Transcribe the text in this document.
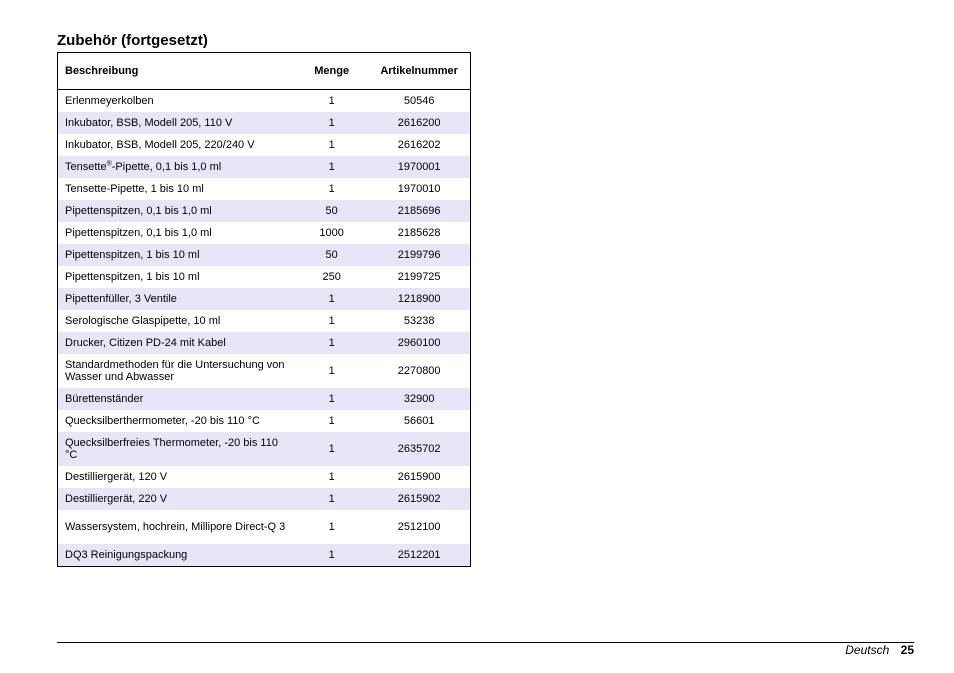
Zubehör (fortgesetzt)
Beschreibung	Menge	Artikelnummer
Erlenmeyerkolben	1	50546
Inkubator, BSB, Modell 205, 110 V	1	2616200
Inkubator, BSB, Modell 205, 220/240 V	1	2616202
Tensette®-Pipette, 0,1 bis 1,0 ml	1	1970001
Tensette-Pipette, 1 bis 10 ml	1	1970010
Pipettenspitzen, 0,1 bis 1,0 ml	50	2185696
Pipettenspitzen, 0,1 bis 1,0 ml	1000	2185628
Pipettenspitzen, 1 bis 10 ml	50	2199796
Pipettenspitzen, 1 bis 10 ml	250	2199725
Pipettenfüller, 3 Ventile	1	1218900
Serologische Glaspipette, 10 ml	1	53238
Drucker, Citizen PD-24 mit Kabel	1	2960100
Standardmethoden für die Untersuchung von Wasser und Abwasser	1	2270800
Bürettenständer	1	32900
Quecksilberthermometer, -20 bis 110 °C	1	56601
Quecksilberfreies Thermometer, -20 bis 110 °C	1	2635702
Destilliergerät, 120 V	1	2615900
Destilliergerät, 220 V	1	2615902
Wassersystem, hochrein, Millipore Direct-Q 3	1	2512100
DQ3 Reinigungspackung	1	2512201
Deutsch 25
